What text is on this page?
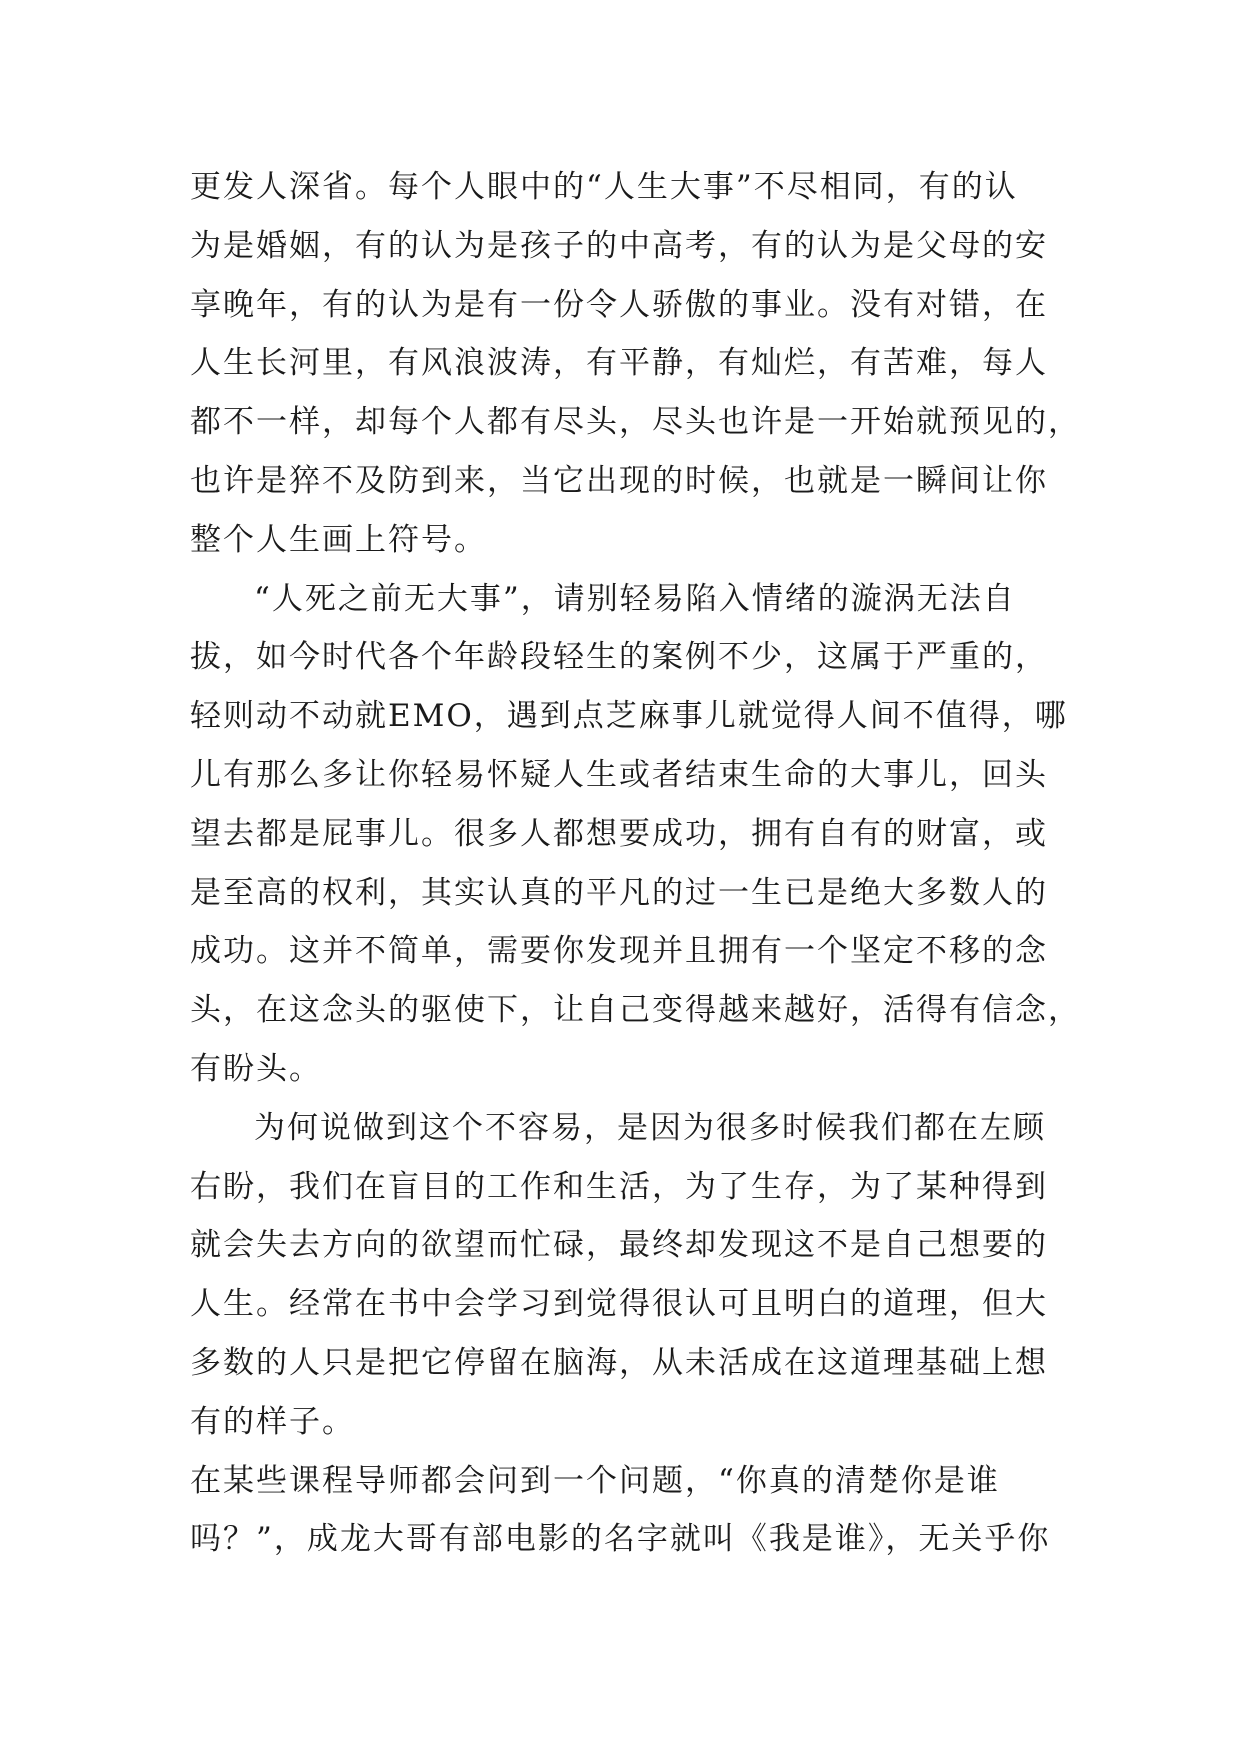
更发人深省。每个人眼中的“人生大事”不尽相同，有的认
为是婚姻，有的认为是孩子的中高考，有的认为是父母的安
享晚年，有的认为是有一份令人骄傲的事业。没有对错，在
人生长河里，有风浪波涛，有平静，有灿烂，有苦难，每人
都不一样，却每个人都有尽头，尽头也许是一开始就预见的，
也许是猝不及防到来，当它出现的时候，也就是一瞬间让你
整个人生画上符号。
“人死之前无大事”，请别轻易陷入情绪的漩涡无法自
拔，如今时代各个年龄段轻生的案例不少，这属于严重的，
轻则动不动就EMO，遇到点芝麻事儿就觉得人间不值得，哪
儿有那么多让你轻易怀疑人生或者结束生命的大事儿，回头
望去都是屁事儿。很多人都想要成功，拥有自有的财富，或
是至高的权利，其实认真的平凡的过一生已是绝大多数人的
成功。这并不简单，需要你发现并且拥有一个坚定不移的念
头，在这念头的驱使下，让自己变得越来越好，活得有信念，
有盼头。
为何说做到这个不容易，是因为很多时候我们都在左顾
右盼，我们在盲目的工作和生活，为了生存，为了某种得到
就会失去方向的欲望而忙碌，最终却发现这不是自己想要的
人生。经常在书中会学习到觉得很认可且明白的道理，但大
多数的人只是把它停留在脑海，从未活成在这道理基础上想
有的样子。
在某些课程导师都会问到一个问题，“你真的清楚你是谁
吗？”，成龙大哥有部电影的名字就叫《我是谁》，无关乎你
